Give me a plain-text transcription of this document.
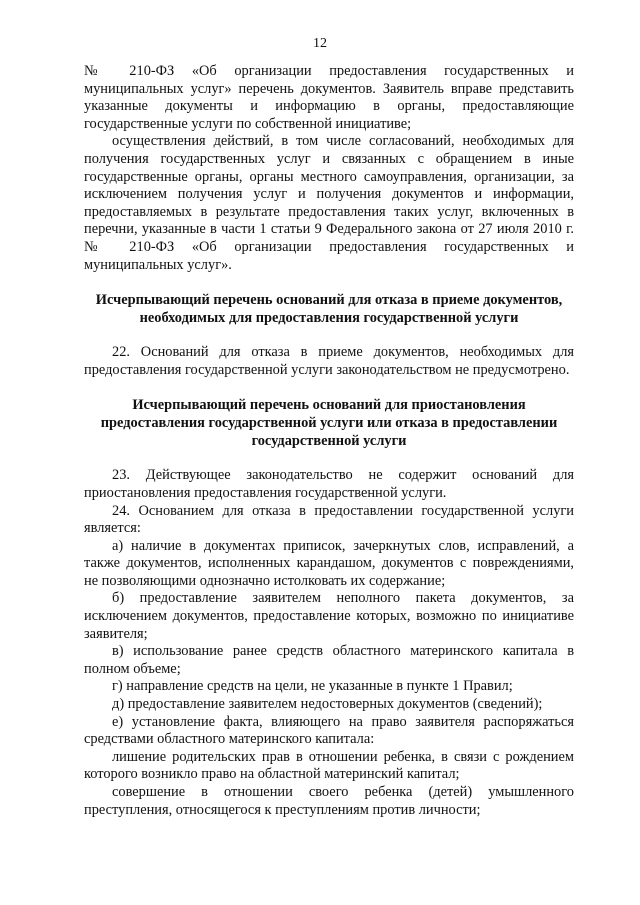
12

№ 210-ФЗ «Об организации предоставления государственных и муниципальных услуг» перечень документов. Заявитель вправе представить указанные документы и информацию в органы, предоставляющие государственные услуги по собственной инициативе;

осуществления действий, в том числе согласований, необходимых для получения государственных услуг и связанных с обращением в иные государственные органы, органы местного самоуправления, организации, за исключением получения услуг и получения документов и информации, предоставляемых в результате предоставления таких услуг, включенных в перечни, указанные в части 1 статьи 9 Федерального закона от 27 июля 2010 г. № 210-ФЗ «Об организации предоставления государственных и муниципальных услуг».

Исчерпывающий перечень оснований для отказа в приеме документов, необходимых для предоставления государственной услуги

22. Оснований для отказа в приеме документов, необходимых для предоставления государственной услуги законодательством не предусмотрено.

Исчерпывающий перечень оснований для приостановления предоставления государственной услуги или отказа в предоставлении государственной услуги

23. Действующее законодательство не содержит оснований для приостановления предоставления государственной услуги.

24. Основанием для отказа в предоставлении государственной услуги является:

а) наличие в документах приписок, зачеркнутых слов, исправлений, а также документов, исполненных карандашом, документов с повреждениями, не позволяющими однозначно истолковать их содержание;

б) предоставление заявителем неполного пакета документов, за исключением документов, предоставление которых, возможно по инициативе заявителя;

в) использование ранее средств областного материнского капитала в полном объеме;

г) направление средств на цели, не указанные в пункте 1 Правил;

д) предоставление заявителем недостоверных документов (сведений);

е) установление факта, влияющего на право заявителя распоряжаться средствами областного материнского капитала:

лишение родительских прав в отношении ребенка, в связи с рождением которого возникло право на областной материнский капитал;

совершение в отношении своего ребенка (детей) умышленного преступления, относящегося к преступлениям против личности;
